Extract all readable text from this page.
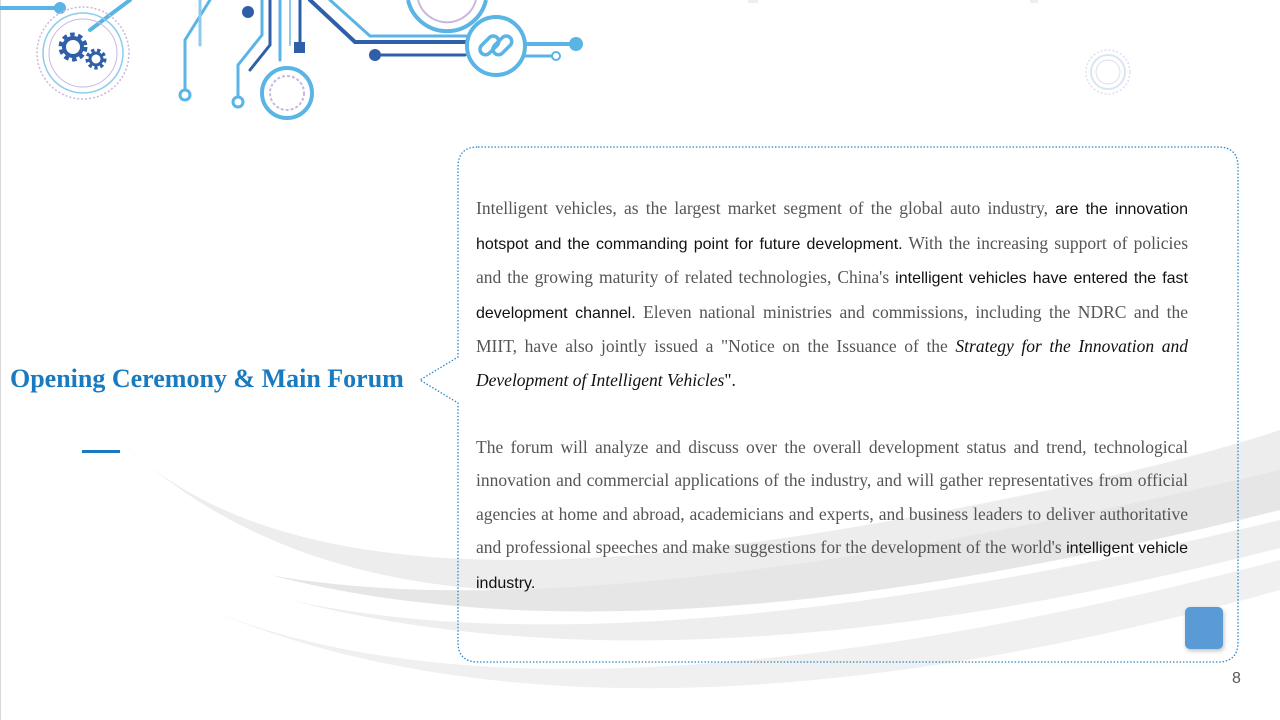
Opening Ceremony & Main Forum

Intelligent vehicles, as the largest market segment of the global auto industry, are the innovation hotspot and the commanding point for future development. With the increasing support of policies and the growing maturity of related technologies, China's intelligent vehicles have entered the fast development channel. Eleven national ministries and commissions, including the NDRC and the MIIT, have also jointly issued a "Notice on the Issuance of the Strategy for the Innovation and Development of Intelligent Vehicles".

The forum will analyze and discuss over the overall development status and trend, technological innovation and commercial applications of the industry, and will gather representatives from official agencies at home and abroad, academicians and experts, and business leaders to deliver authoritative and professional speeches and make suggestions for the development of the world's intelligent vehicle industry.

8
